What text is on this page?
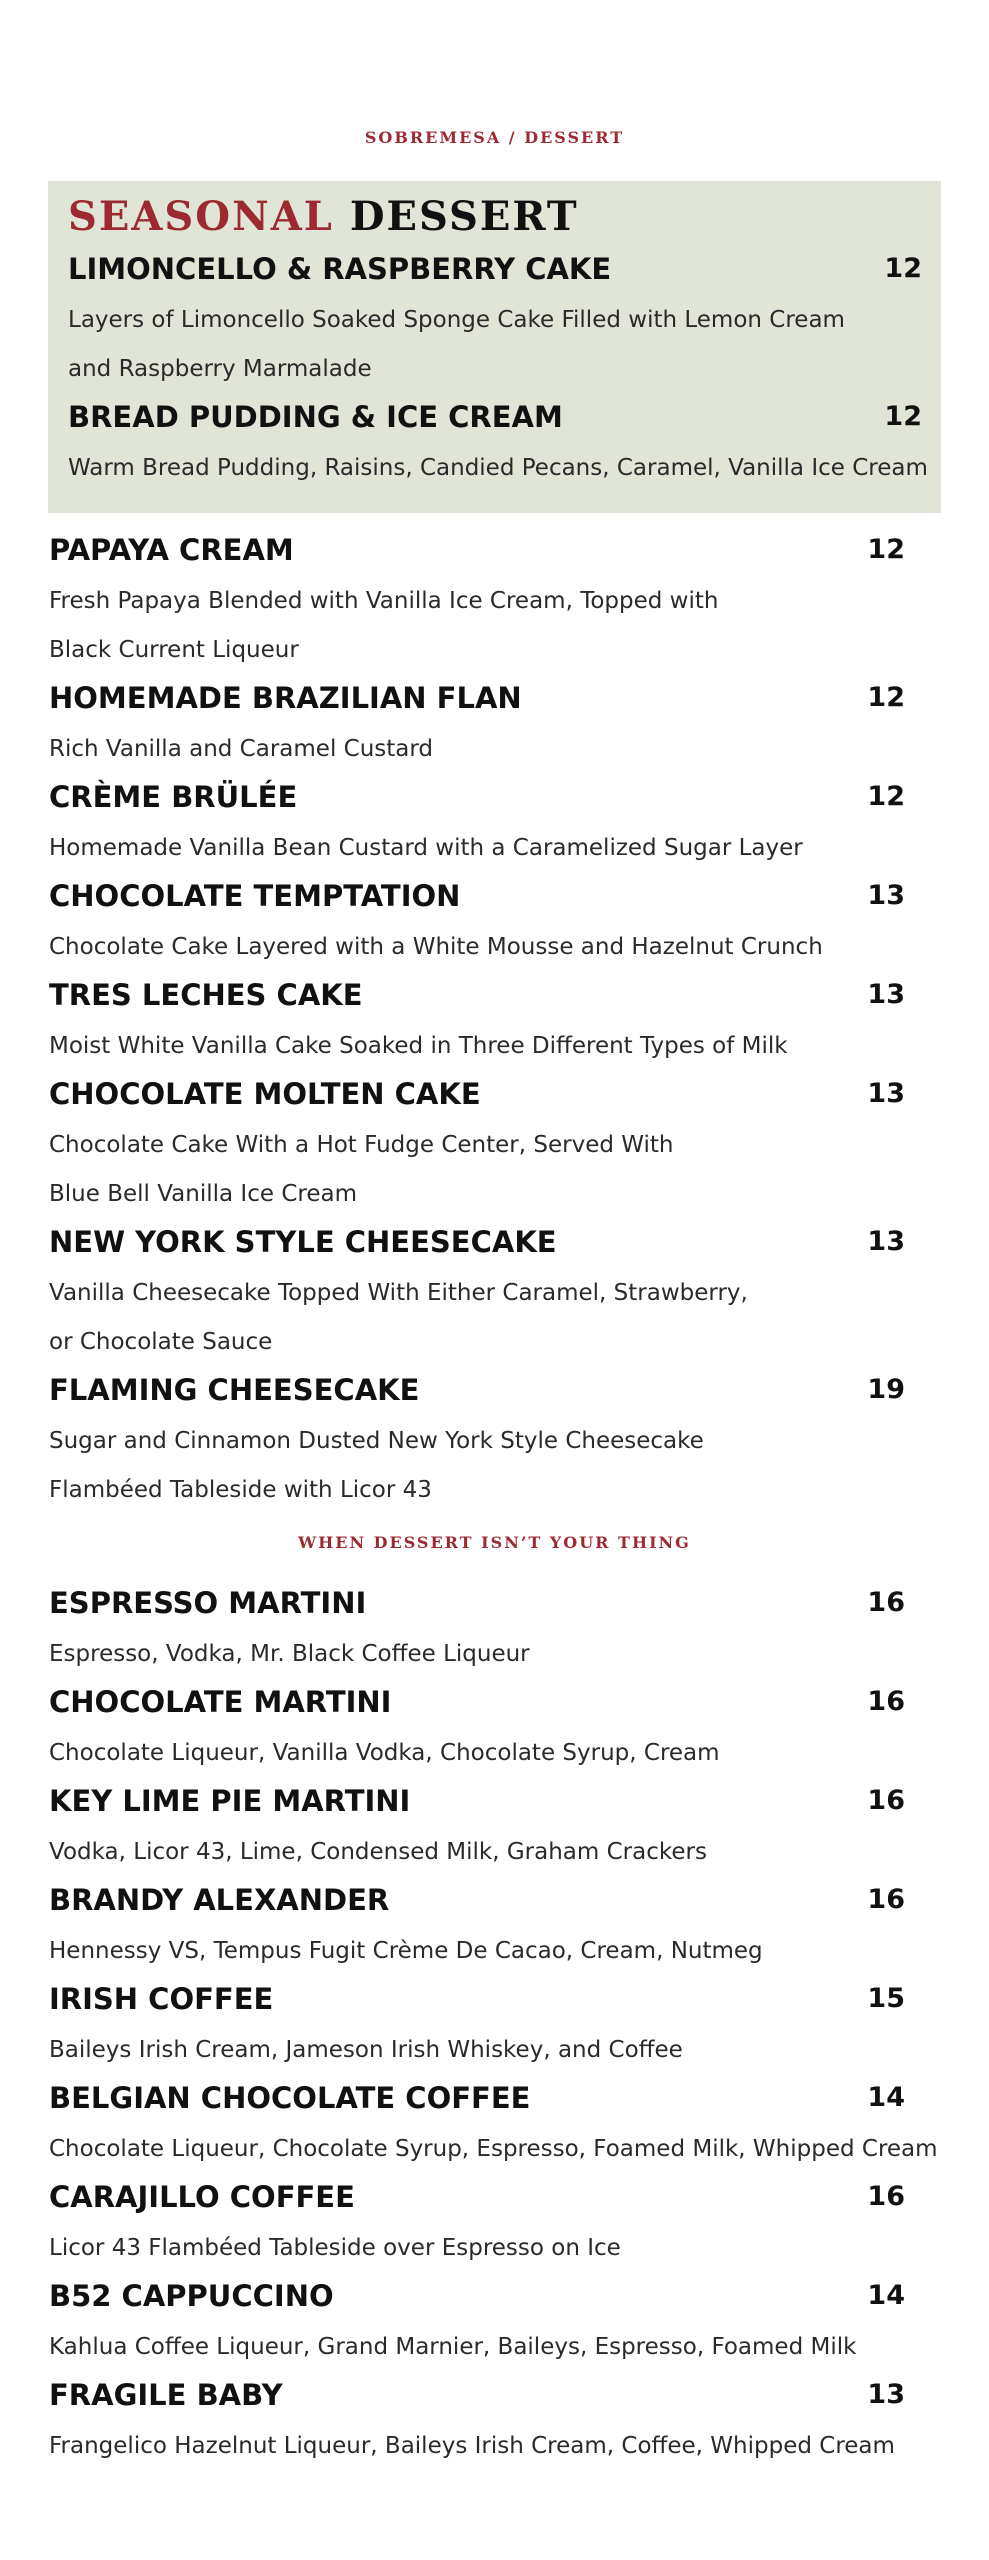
SOBREMESA / DESSERT
SEASONAL DESSERT
LIMONCELLO & RASPBERRY CAKE	12
Layers of Limoncello Soaked Sponge Cake Filled with Lemon Cream
and Raspberry Marmalade
BREAD PUDDING & ICE CREAM	12
Warm Bread Pudding, Raisins, Candied Pecans, Caramel, Vanilla Ice Cream
PAPAYA CREAM	12
Fresh Papaya Blended with Vanilla Ice Cream, Topped with
Black Current Liqueur
HOMEMADE BRAZILIAN FLAN	12
Rich Vanilla and Caramel Custard
CRÈME BRÜLÉE	12
Homemade Vanilla Bean Custard with a Caramelized Sugar Layer
CHOCOLATE TEMPTATION	13
Chocolate Cake Layered with a White Mousse and Hazelnut Crunch
TRES LECHES CAKE	13
Moist White Vanilla Cake Soaked in Three Different Types of Milk
CHOCOLATE MOLTEN CAKE	13
Chocolate Cake With a Hot Fudge Center, Served With
Blue Bell Vanilla Ice Cream
NEW YORK STYLE CHEESECAKE	13
Vanilla Cheesecake Topped With Either Caramel, Strawberry,
or Chocolate Sauce
FLAMING CHEESECAKE	19
Sugar and Cinnamon Dusted New York Style Cheesecake
Flambéed Tableside with Licor 43
WHEN DESSERT ISN’T YOUR THING
ESPRESSO MARTINI	16
Espresso, Vodka, Mr. Black Coffee Liqueur
CHOCOLATE MARTINI	16
Chocolate Liqueur, Vanilla Vodka, Chocolate Syrup, Cream
KEY LIME PIE MARTINI	16
Vodka, Licor 43, Lime, Condensed Milk, Graham Crackers
BRANDY ALEXANDER	16
Hennessy VS, Tempus Fugit Crème De Cacao, Cream, Nutmeg
IRISH COFFEE	15
Baileys Irish Cream, Jameson Irish Whiskey, and Coffee
BELGIAN CHOCOLATE COFFEE	14
Chocolate Liqueur, Chocolate Syrup, Espresso, Foamed Milk, Whipped Cream
CARAJILLO COFFEE	16
Licor 43 Flambéed Tableside over Espresso on Ice
B52 CAPPUCCINO	14
Kahlua Coffee Liqueur, Grand Marnier, Baileys, Espresso, Foamed Milk
FRAGILE BABY	13
Frangelico Hazelnut Liqueur, Baileys Irish Cream, Coffee, Whipped Cream
